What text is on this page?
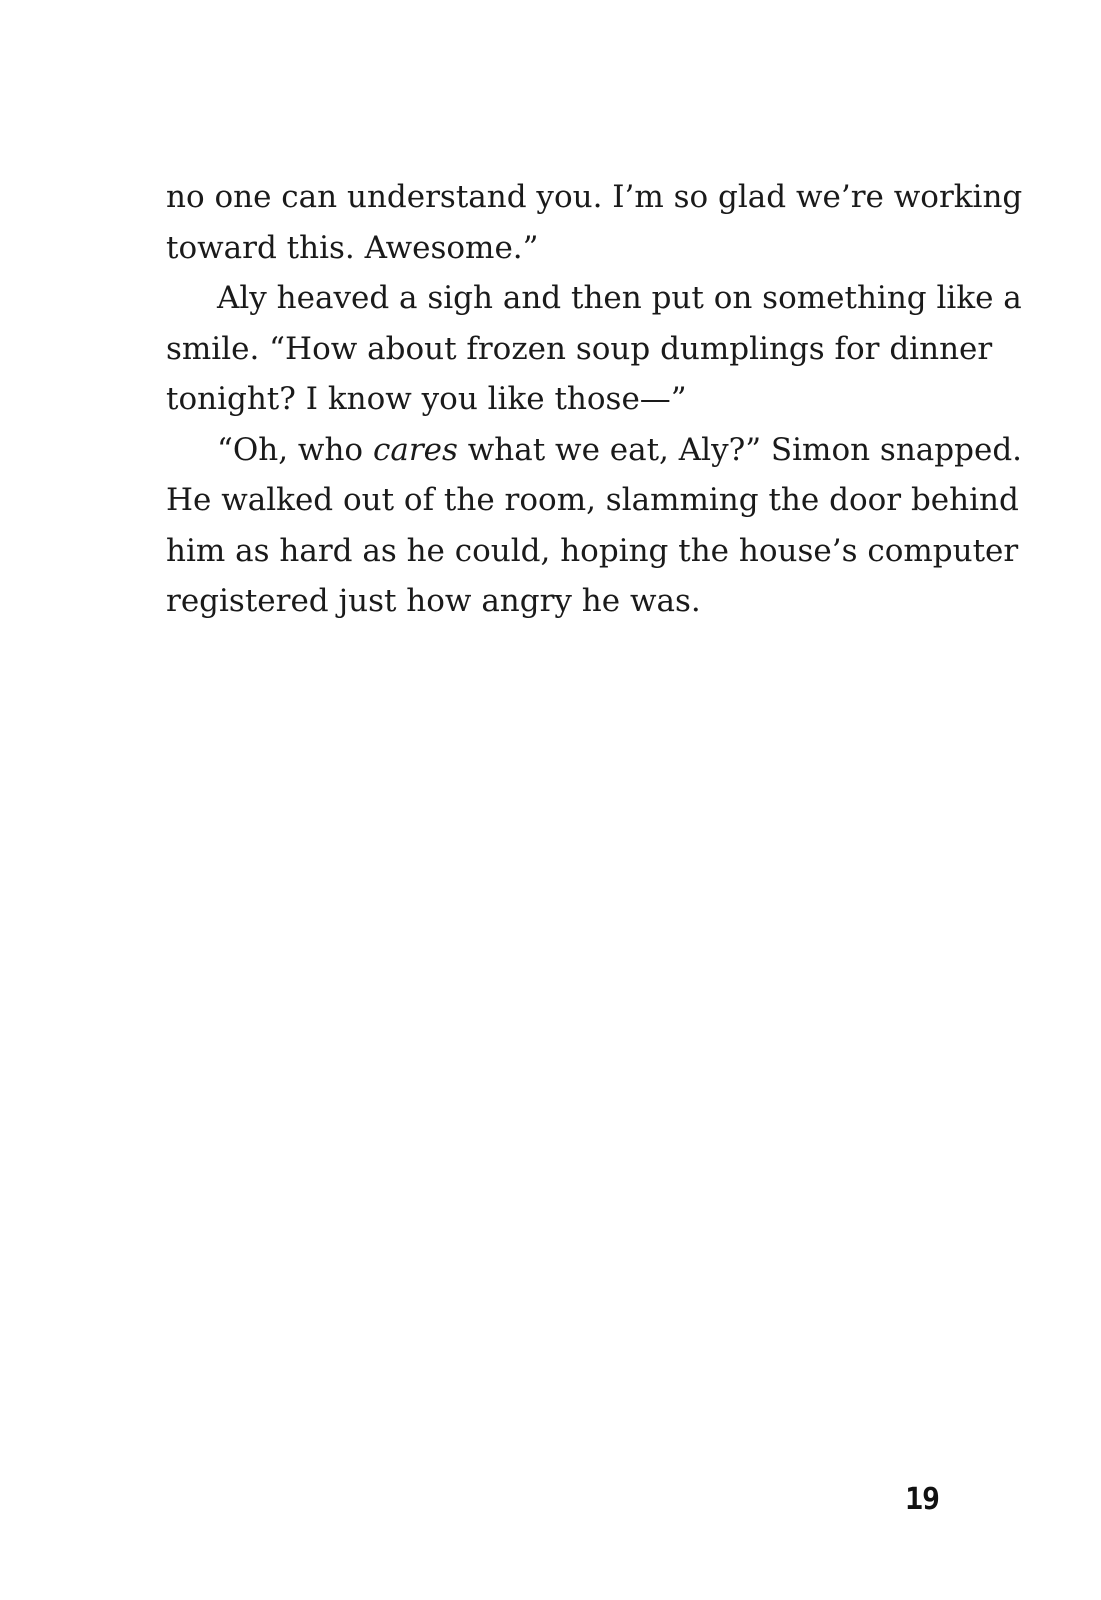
no one can understand you. I’m so glad we’re working
toward this. Awesome.”
Aly heaved a sigh and then put on something like a
smile. “How about frozen soup dumplings for dinner
tonight? I know you like those—”
“Oh, who cares what we eat, Aly?” Simon snapped.
He walked out of the room, slamming the door behind
him as hard as he could, hoping the house’s computer
registered just how angry he was.
19
